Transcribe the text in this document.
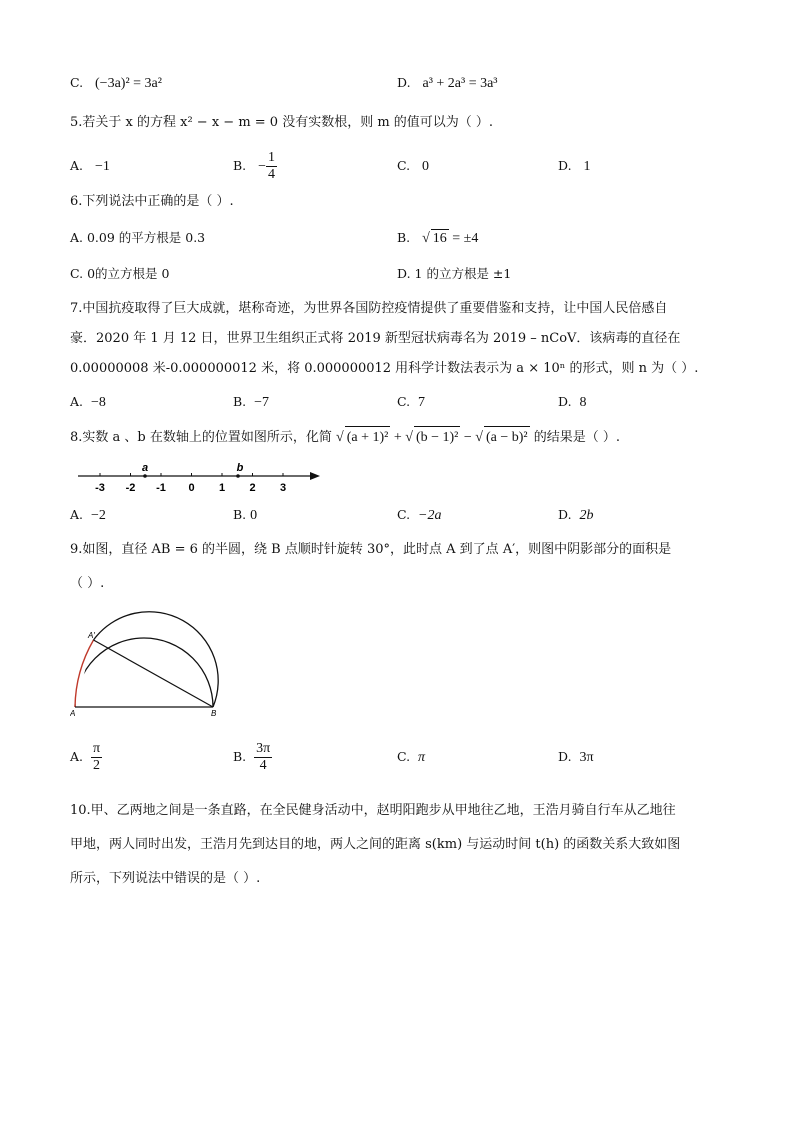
C. (−3a)² = 3a²	D. a³ + 2a³ = 3a³
5.若关于 x 的方程 x² − x − m = 0 没有实数根，则 m 的值可以为（ ）.
A. −1	B. − $\frac{1}{4}$	C. 0	D. 1
6.下列说法中正确的是（ ）.
A. 0.09 的平方根是 0.3	B. √ 16 = ±4
C. 0的立方根是 0	D. 1 的立方根是 ±1
7.中国抗疫取得了巨大成就，堪称奇迹，为世界各国防控疫情提供了重要借鉴和支持，让中国人民倍感自
豪．2020 年 1 月 12 日，世界卫生组织正式将 2019 新型冠状病毒名为 2019 – nCoV．该病毒的直径在
0.00000008 米-0.000000012 米，将 0.000000012 用科学计数法表示为 a × 10ⁿ 的形式，则 n 为（ ）.
A. −8	B. −7	C. 7	D. 8
8.实数 a 、b 在数轴上的位置如图所示，化简 √ (a + 1)² + √ (b − 1)² − √ (a − b)² 的结果是（ ）.
-3 -2 -1 0 1 2 3
a	b
A. −2	B. 0	C. −2a	D. 2b
9.如图，直径 AB = 6 的半圆，绕 B 点顺时针旋转 30°，此时点 A 到了点 A′，则图中阴影部分的面积是
（ ）.
A	B
A′
A. $\frac{\pi}{2}$	B. $\frac{3\pi}{4}$	C. π	D. 3π
10.甲、乙两地之间是一条直路，在全民健身活动中，赵明阳跑步从甲地往乙地，王浩月骑自行车从乙地往
甲地，两人同时出发，王浩月先到达目的地，两人之间的距离 s(km) 与运动时间 t(h) 的函数关系大致如图
所示，下列说法中错误的是（ ）.
